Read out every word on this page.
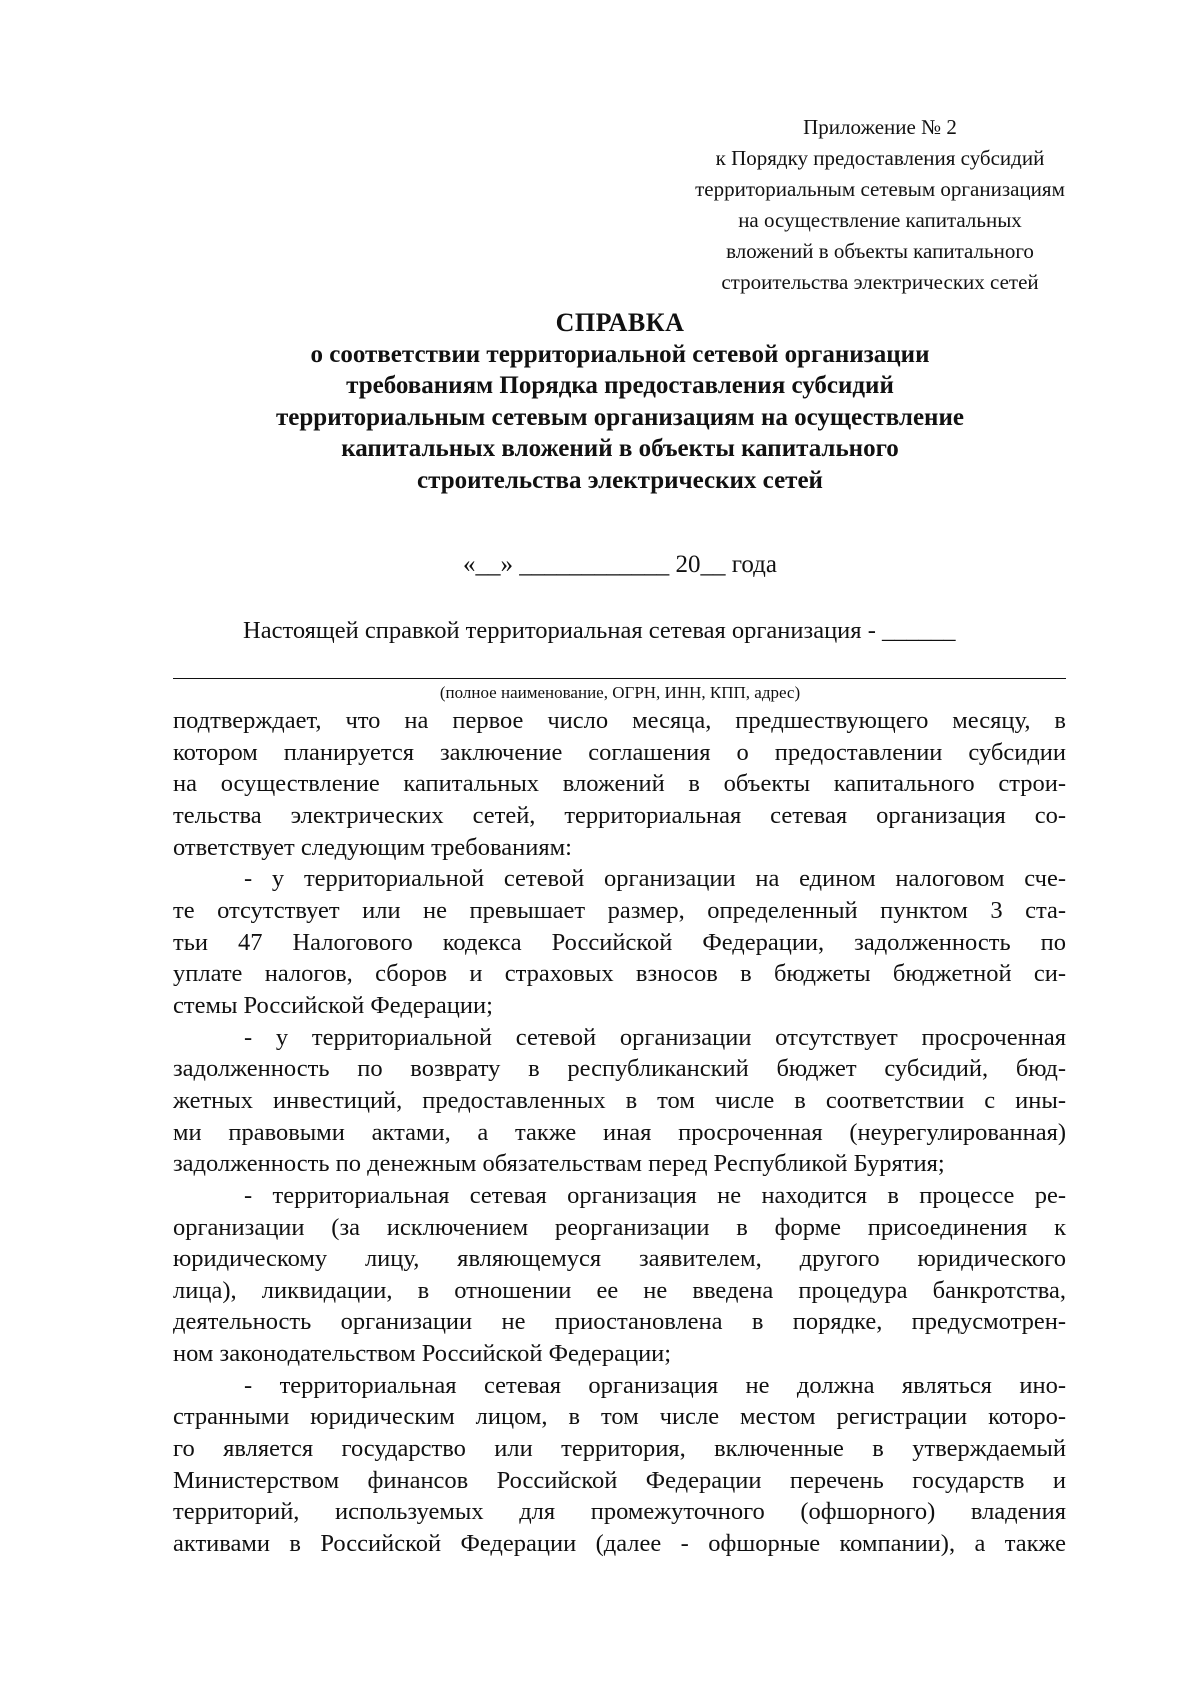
Приложение № 2
к Порядку предоставления субсидий
территориальным сетевым организациям
на осуществление капитальных
вложений в объекты капитального
строительства электрических сетей
СПРАВКА
о соответствии территориальной сетевой организации
требованиям Порядка предоставления субсидий
территориальным сетевым организациям на осуществление
капитальных вложений в объекты капитального
строительства электрических сетей
«__» ____________ 20__ года
Настоящей справкой территориальная сетевая организация - ______
(полное наименование, ОГРН, ИНН, КПП, адрес)

подтверждает, что на первое число месяца, предшествующего месяцу, в

котором планируется заключение соглашения о предоставлении субсидии

на осуществление капитальных вложений в объекты капитального строи-

тельства электрических сетей, территориальная сетевая организация со-

ответствует следующим требованиям:

- у территориальной сетевой организации на едином налоговом сче-

те отсутствует или не превышает размер, определенный пунктом 3 ста-

тьи 47 Налогового кодекса Российской Федерации, задолженность по

уплате налогов, сборов и страховых взносов в бюджеты бюджетной си-

стемы Российской Федерации;

- у территориальной сетевой организации отсутствует просроченная

задолженность по возврату в республиканский бюджет субсидий, бюд-

жетных инвестиций, предоставленных в том числе в соответствии с ины-

ми правовыми актами, а также иная просроченная (неурегулированная)

задолженность по денежным обязательствам перед Республикой Бурятия;

- территориальная сетевая организация не находится в процессе ре-

организации (за исключением реорганизации в форме присоединения к

юридическому лицу, являющемуся заявителем, другого юридического

лица), ликвидации, в отношении ее не введена процедура банкротства,

деятельность организации не приостановлена в порядке, предусмотрен-

ном законодательством Российской Федерации;

- территориальная сетевая организация не должна являться ино-

странными юридическим лицом, в том числе местом регистрации которо-

го является государство или территория, включенные в утверждаемый

Министерством финансов Российской Федерации перечень государств и

территорий, используемых для промежуточного (офшорного) владения

активами в Российской Федерации (далее - офшорные компании), а также
